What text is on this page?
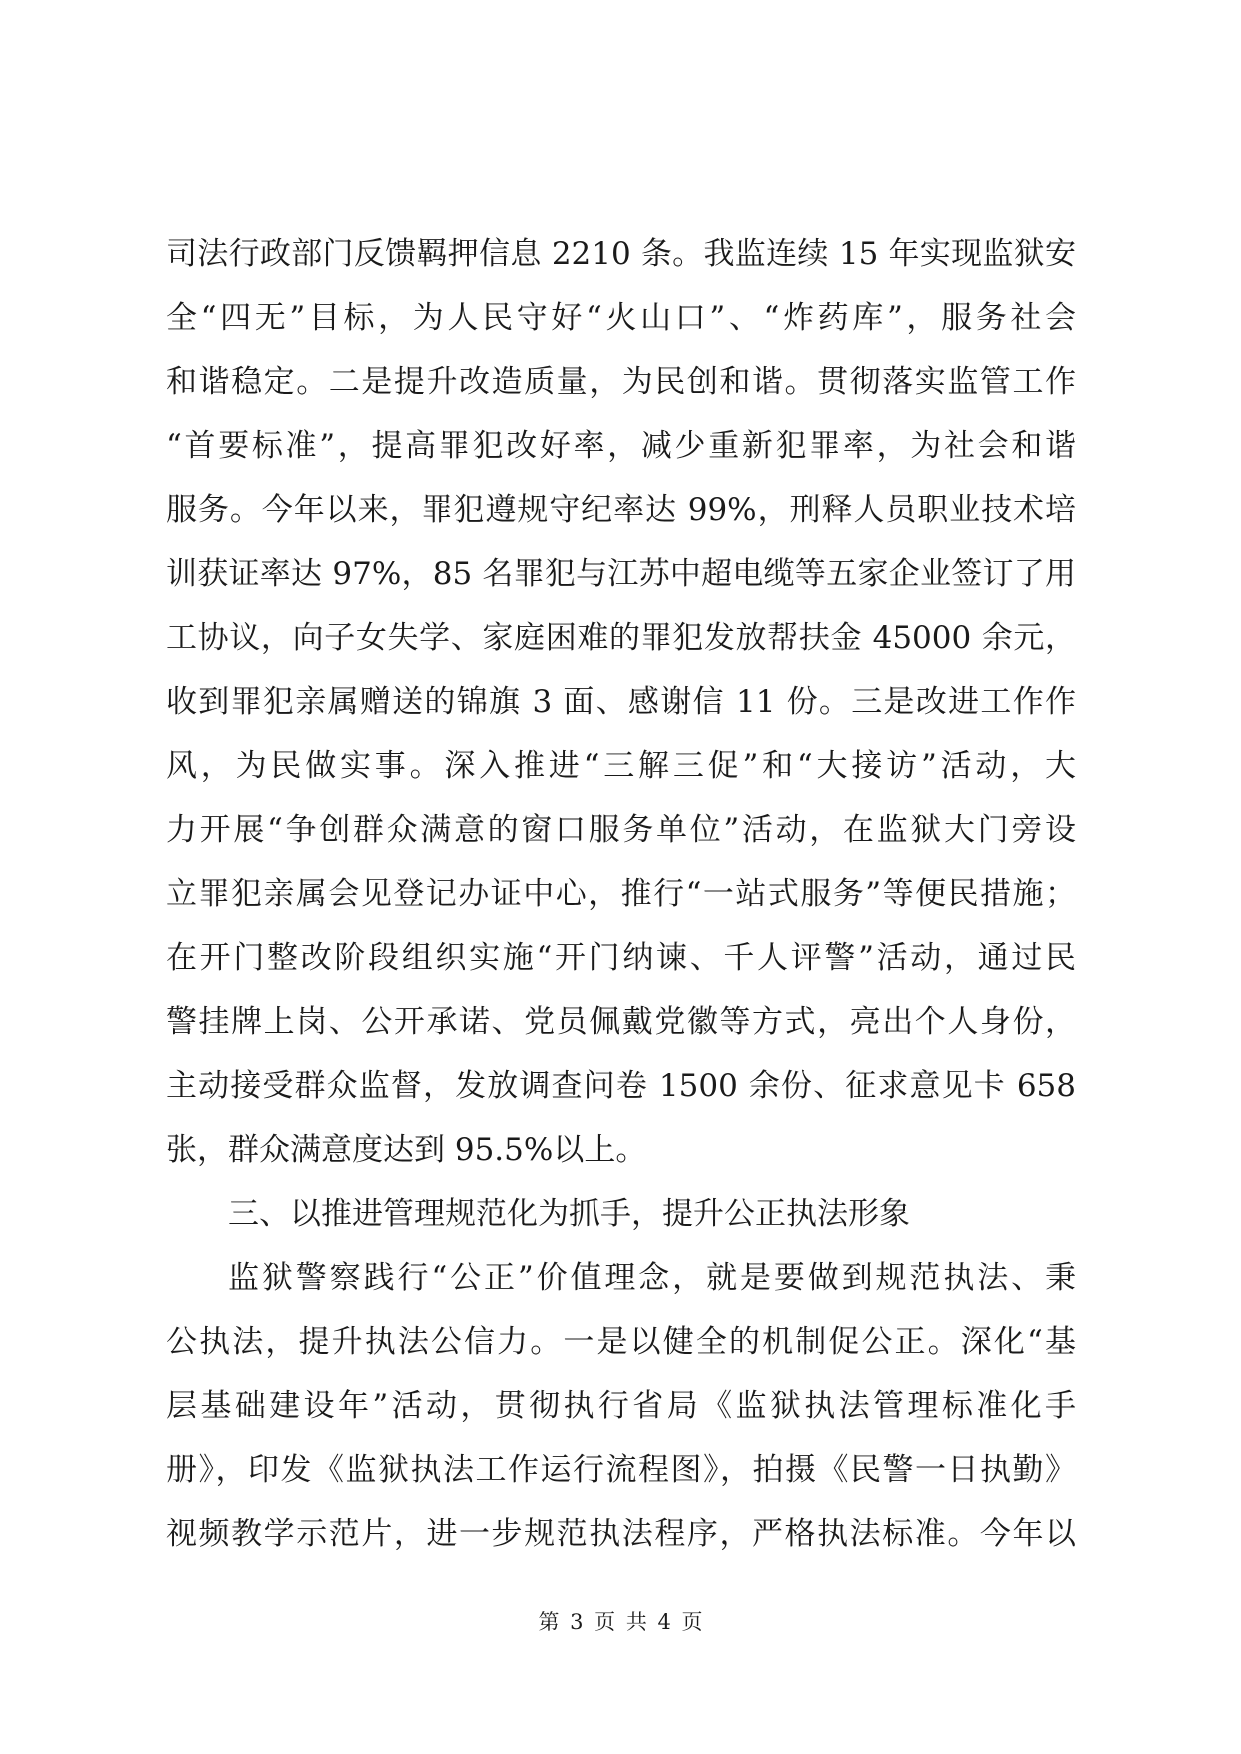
司法行政部门反馈羁押信息 2210 条。我监连续 15 年实现监狱安
全“四无”目标，为人民守好“火山口”、“炸药库”，服务社会
和谐稳定。二是提升改造质量，为民创和谐。贯彻落实监管工作
“首要标准”，提高罪犯改好率，减少重新犯罪率，为社会和谐
服务。今年以来，罪犯遵规守纪率达 99%，刑释人员职业技术培
训获证率达 97%，85 名罪犯与江苏中超电缆等五家企业签订了用
工协议，向子女失学、家庭困难的罪犯发放帮扶金 45000 余元，
收到罪犯亲属赠送的锦旗 3 面、感谢信 11 份。三是改进工作作
风，为民做实事。深入推进“三解三促”和“大接访”活动，大
力开展“争创群众满意的窗口服务单位”活动，在监狱大门旁设
立罪犯亲属会见登记办证中心，推行“一站式服务”等便民措施；
在开门整改阶段组织实施“开门纳谏、千人评警”活动，通过民
警挂牌上岗、公开承诺、党员佩戴党徽等方式，亮出个人身份，
主动接受群众监督，发放调查问卷 1500 余份、征求意见卡 658
张，群众满意度达到 95.5%以上。
三、以推进管理规范化为抓手，提升公正执法形象
监狱警察践行“公正”价值理念，就是要做到规范执法、秉
公执法，提升执法公信力。一是以健全的机制促公正。深化“基
层基础建设年”活动，贯彻执行省局《监狱执法管理标准化手
册》，印发《监狱执法工作运行流程图》，拍摄《民警一日执勤》
视频教学示范片，进一步规范执法程序，严格执法标准。今年以
第 3 页 共 4 页
